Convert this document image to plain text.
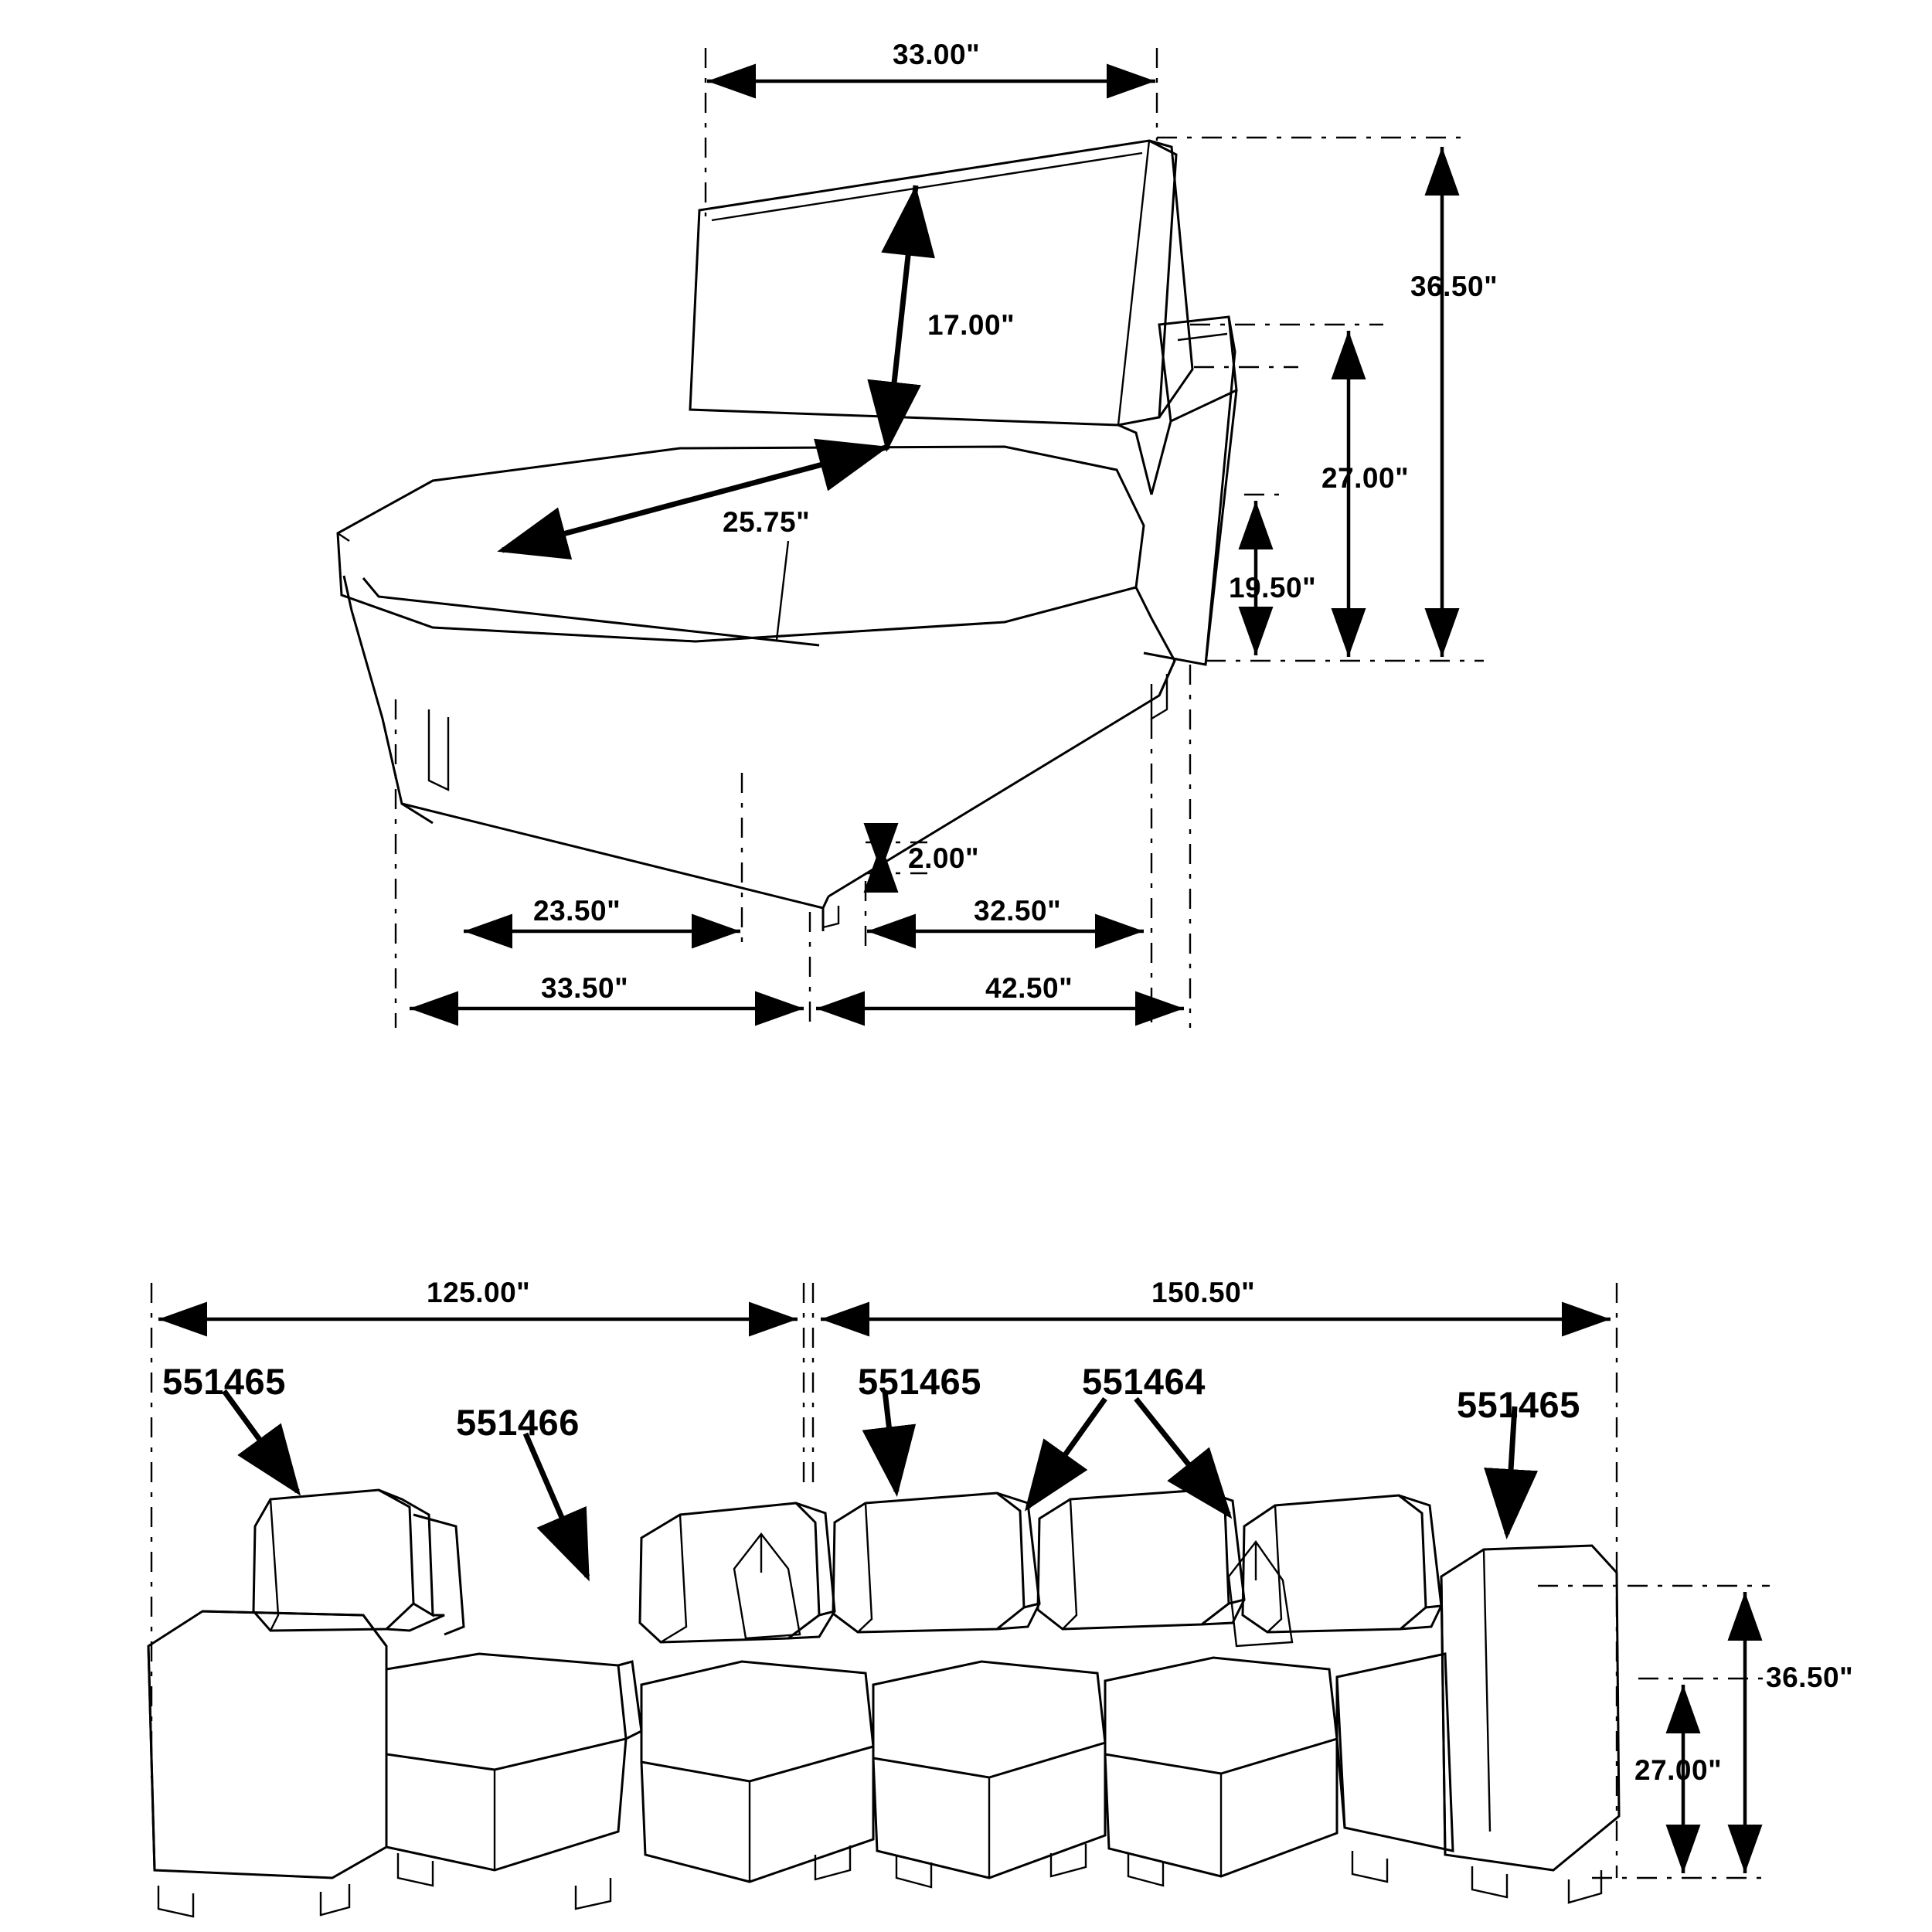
33.00"
17.00"
25.75"
36.50"
27.00"
19.50"
2.00"
23.50"	32.50"
33.50"	42.50"
125.00"	150.50"
36.50"
27.00"
551465
551466
551465	551464
551465
